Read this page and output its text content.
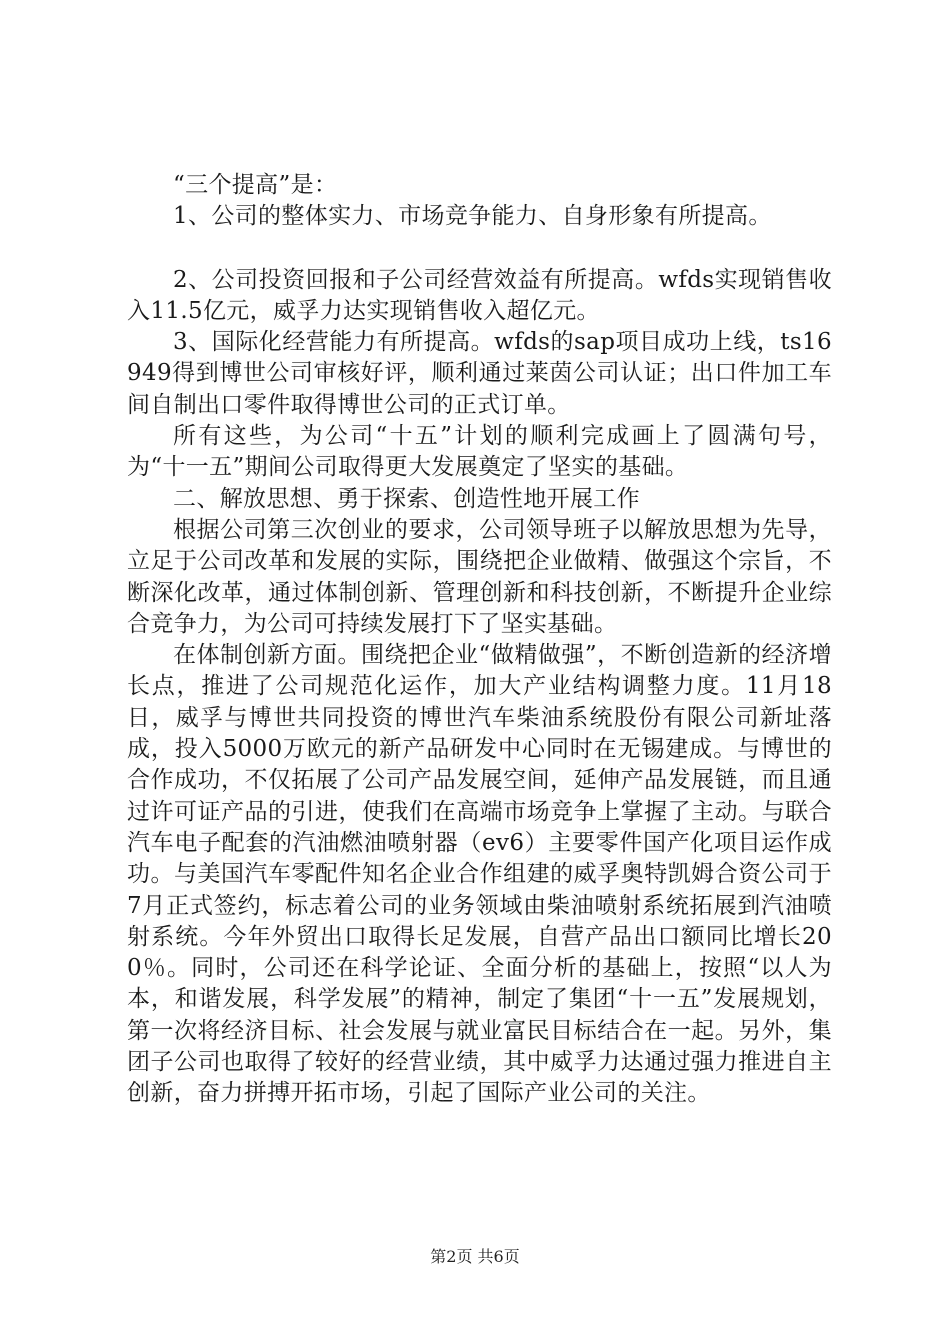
“三个提高”是：

1、公司的整体实力、市场竞争能力、自身形象有所提高。

2、公司投资回报和子公司经营效益有所提高。wfds实现销售收入11.5亿元，威孚力达实现销售收入超亿元。

3、国际化经营能力有所提高。wfds的sap项目成功上线，ts16949得到博世公司审核好评，顺利通过莱茵公司认证；出口件加工车间自制出口零件取得博世公司的正式订单。

所有这些，为公司“十五”计划的顺利完成画上了圆满句号，为“十一五”期间公司取得更大发展奠定了坚实的基础。

二、解放思想、勇于探索、创造性地开展工作

根据公司第三次创业的要求，公司领导班子以解放思想为先导，立足于公司改革和发展的实际，围绕把企业做精、做强这个宗旨，不断深化改革，通过体制创新、管理创新和科技创新，不断提升企业综合竞争力，为公司可持续发展打下了坚实基础。

在体制创新方面。围绕把企业“做精做强”，不断创造新的经济增长点，推进了公司规范化运作，加大产业结构调整力度。11月18日，威孚与博世共同投资的博世汽车柴油系统股份有限公司新址落成，投入5000万欧元的新产品研发中心同时在无锡建成。与博世的合作成功，不仅拓展了公司产品发展空间，延伸产品发展链，而且通过许可证产品的引进，使我们在高端市场竞争上掌握了主动。与联合汽车电子配套的汽油燃油喷射器（ev6）主要零件国产化项目运作成功。与美国汽车零配件知名企业合作组建的威孚奥特凯姆合资公司于7月正式签约，标志着公司的业务领域由柴油喷射系统拓展到汽油喷射系统。今年外贸出口取得长足发展，自营产品出口额同比增长200％。同时，公司还在科学论证、全面分析的基础上，按照“以人为本，和谐发展，科学发展”的精神，制定了集团“十一五”发展规划，第一次将经济目标、社会发展与就业富民目标结合在一起。另外，集团子公司也取得了较好的经营业绩，其中威孚力达通过强力推进自主创新，奋力拼搏开拓市场，引起了国际产业公司的关注。

第2页 共6页
